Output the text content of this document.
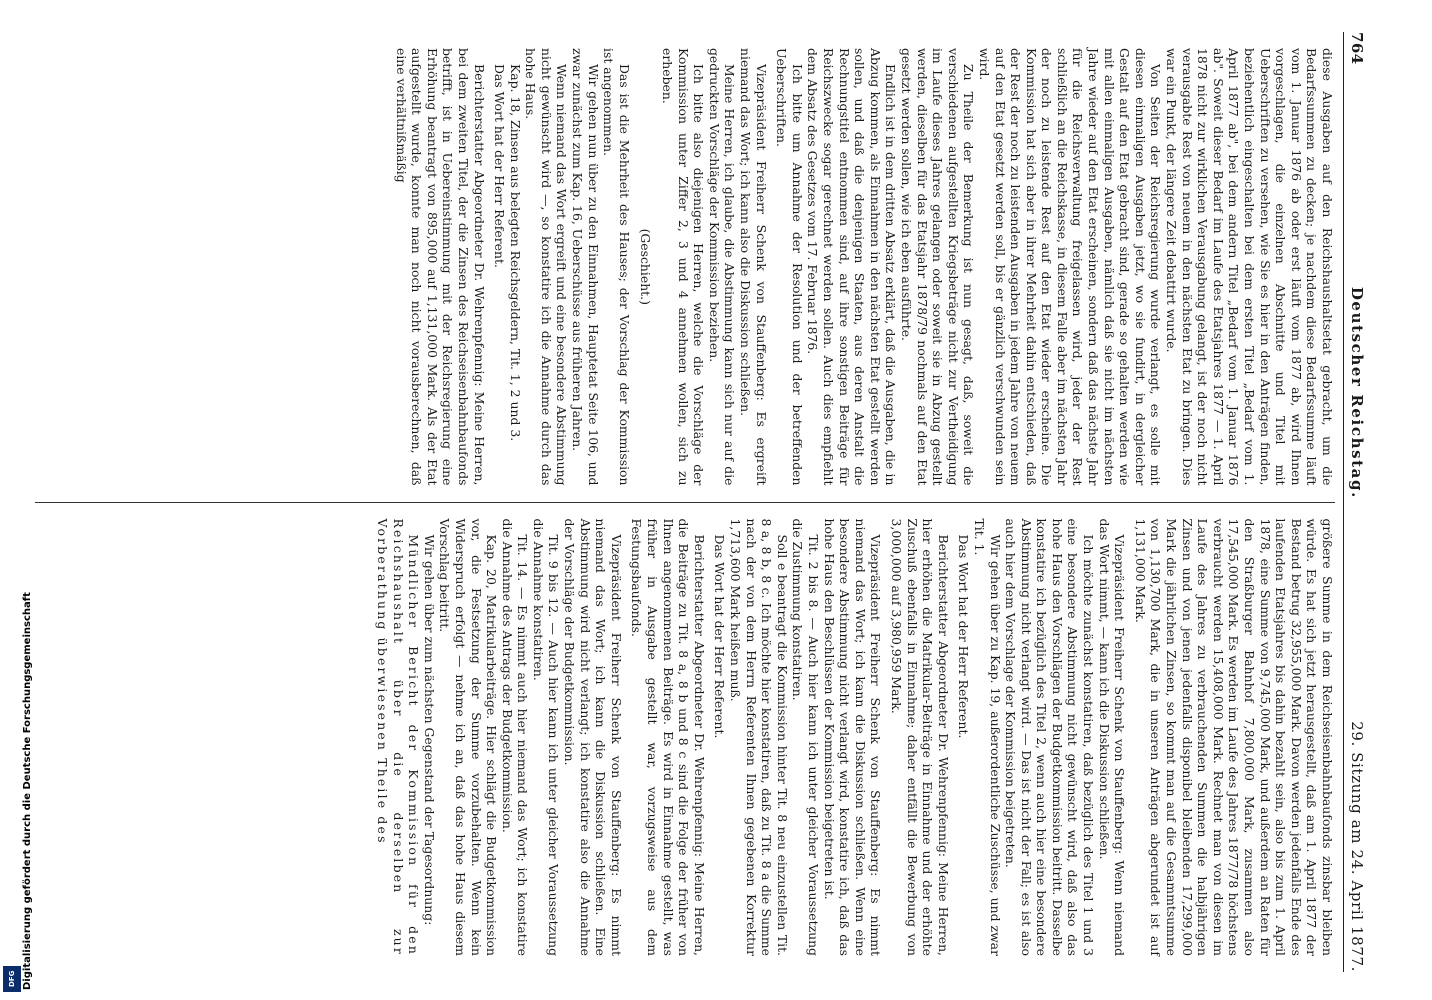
764
Deutscher Reichstag.
29. Sitzung am 24. April 1877.

diese Ausgaben auf den Reichshaushaltsetat gebracht, um die Bedarfssummen zu decken; je nachdem diese Bedarfssumme läuft vom 1. Januar 1876 ab oder erst läuft vom 1877 ab, wird Ihnen vorgeschlagen, die einzelnen Abschnitte und Titel mit Ueberschriften zu versehen, wie Sie es hier in den Anträgen finden, beziehentlich eingeschalten bei dem ersten Titel „Bedarf vom 1. April 1877 ab", bei dem andern Titel „Bedarf vom 1. Januar 1876 ab". Soweit dieser Bedarf im Laufe des Etatsjahres 1877 — 1. April 1878 nicht zur wirklichen Verausgabung gelangt, ist der noch nicht verausgabte Rest von neuem in den nächsten Etat zu bringen. Dies war ein Punkt, der längere Zeit debattirt wurde.

Von Seiten der Reichsregierung wurde verlangt, es solle mit diesen einmaligen Ausgaben jetzt, wo sie fundirt, in dergleicher Gestalt auf den Etat gebracht sind, gerade so gehalten werden wie mit allen einmaligen Ausgaben, nämlich daß sie nicht im nächsten Jahre wieder auf den Etat erscheinen, sondern daß das nächste Jahr für die Reichsverwaltung freigelassen wird, jeder der Rest schließlich an die Reichskasse, in diesem Falle aber im nächsten Jahr der noch zu leistende Rest auf den Etat wieder erscheine. Die Kommission hat sich aber in ihrer Mehrheit dahin entschieden, daß der Rest der noch zu leistenden Ausgaben in jedem Jahre von neuem auf den Etat gesetzt werden soll, bis er gänzlich verschwunden sein wird.

Zu Theile der Bemerkung ist nun gesagt, daß, soweit die verschiedenen aufgestellten Kriegsbeträge nicht zur Vertheidigung im Laufe dieses Jahres gelangen oder soweit sie in Abzug gestellt werden, dieselben für das Etatsjahr 1878/79 nochmals auf den Etat gesetzt werden sollen, wie ich eben ausführte.

Endlich ist in dem dritten Absatz erklärt, daß die Ausgaben, die in Abzug kommen, als Einnahmen in den nächsten Etat gestellt werden sollen, und daß die denjenigen Staaten, aus deren Anstalt die Rechnungstitel entnommen sind, auf ihre sonstigen Beiträge für Reichszwecke sogar gerechnet werden sollen. Auch dies empfiehlt dem Absatz des Gesetzes vom 17. Februar 1876.

Ich bitte um Annahme der Resolution und der betreffenden Ueberschriften.

Vizepräsident Freiherr Schenk von Stauffenberg: Es ergreift niemand das Wort; ich kann also die Diskussion schließen.

Meine Herren, ich glaube, die Abstimmung kann sich nur auf die gedruckten Vorschläge der Kommission beziehen.

Ich bitte also diejenigen Herren, welche die Vorschläge der Kommission unter Ziffer 2, 3 und 4 annehmen wollen, sich zu erheben.

(Geschieht.)

Das ist die Mehrheit des Hauses; der Vorschlag der Kommission ist angenommen.

Wir gehen nun über zu den Einnahmen, Hauptetat Seite 106, und zwar zunächst zum Kap. 16, Ueberschüsse aus früheren Jahren.

Wenn niemand das Wort ergreift und eine besondere Abstimmung nicht gewünscht wird —, so konstatire ich die Annahme durch das hohe Haus.

Kap. 18, Zinsen aus belegten Reichsgeldern, Tit. 1, 2 und 3.

Das Wort hat der Herr Referent.

Berichterstatter Abgeordneter Dr. Wehrenpfennig: Meine Herren, bei dem zweiten Titel, der die Zinsen des Reichseisenbahnbaufonds betrifft, ist in Uebereinstimmung mit der Reichsregierung eine Erhöhung beantragt von 895,000 auf 1,131,000 Mark. Als der Etat aufgestellt wurde, konnte man noch nicht vorausberechnen, daß eine verhältnißmäßig

größere Summe in dem Reichseisenbahnbaufonds zinsbar bleiben würde. Es hat sich jetzt herausgestellt, daß am 1. April 1877 der Bestand betrug 32,955,000 Mark. Davon werden jedenfalls Ende des laufenden Etatsjahres bis dahin bezahlt sein, also bis zum 1. April 1878, eine Summe von 9,745,000 Mark, und außerdem an Raten für den Straßburger Bahnhof 7,800,000 Mark, zusammen also 17,545,000 Mark. Es werden im Laufe des Jahres 1877/78 höchstens verbraucht werden 15,408,000 Mark. Rechnet man von diesen im Laufe des Jahres zu verbrauchenden Summen die halbjährigen Zinsen und von jenen jedenfalls disponibel bleibenden 17,299,000 Mark die jährlichen Zinsen, so kommt man auf die Gesammtsumme von 1,130,700 Mark, die in unseren Anträgen abgerundet ist auf 1,131,000 Mark.

Vizepräsident Freiherr Schenk von Stauffenberg: Wenn niemand das Wort nimmt, — kann ich die Diskussion schließen.

Ich möchte zunächst konstatiren, daß bezüglich des Titel 1 und 3 eine besondere Abstimmung nicht gewünscht wird, daß also das hohe Haus den Vorschlägen der Budgetkommission beitritt. Dasselbe konstatire ich bezüglich des Titel 2, wenn auch hier eine besondere Abstimmung nicht verlangt wird. — Das ist nicht der Fall; es ist also auch hier dem Vorschlage der Kommission beigetreten.

Wir gehen über zu Kap. 19, außerordentliche Zuschüsse, und zwar Tit. 1.

Das Wort hat der Herr Referent.

Berichterstatter Abgeordneter Dr. Wehrenpfennig: Meine Herren, hier erhöhen die Matrikular-Beiträge in Einnahme und der erhöhte Zuschuß ebenfalls in Einnahme; daher entfällt die Bewerbung von 3,000,000 auf 3,980,959 Mark.

Vizepräsident Freiherr Schenk von Stauffenberg: Es nimmt niemand das Wort; ich kann die Diskussion schließen. Wenn eine besondere Abstimmung nicht verlangt wird, konstatire ich, daß das hohe Haus den Beschlüssen der Kommission beigetreten ist.

Tit. 2 bis 8. — Auch hier kann ich unter gleicher Voraussetzung die Zustimmung konstatiren.

Soll e beantragt die Kommission hinter Tit. 8 neu einzustellen Tit. 8 a, 8 b, 8 c. Ich möchte hier konstatiren, daß zu Tit. 8 a die Summe nach der von dem Herrn Referenten Ihnen gegebenen Korrektur 1,713,600 Mark heißen muß.

Das Wort hat der Herr Referent.

Berichterstatter Abgeordneter Dr. Wehrenpfennig: Meine Herren, die Beiträge zu Tit. 8 a, 8 b und 8 c sind die Folge der früher von Ihnen angenommenen Beiträge. Es wird in Einnahme gestellt, was früher in Ausgabe gestellt war, vorzugsweise aus dem Festungsbaufonds.

Vizepräsident Freiherr Schenk von Stauffenberg: Es nimmt niemand das Wort; ich kann die Diskussion schließen. Eine Abstimmung wird nicht verlangt; ich konstatire also die Annahme der Vorschläge der Budgetkommission.

Tit. 9 bis 12. — Auch hier kann ich unter gleicher Voraussetzung die Annahme konstatiren.

Tit. 14. — Es nimmt auch hier niemand das Wort; ich konstatire die Annahme des Antrags der Budgetkommission.

Kap. 20, Matrikularbeiträge. Hier schlägt die Budgetkommission vor, die Festsetzung der Summe vorzubehalten. Wenn kein Widerspruch erfolgt — nehme ich an, daß das hohe Haus diesem Vorschlag beitritt.

Wir gehen über zum nächsten Gegenstand der Tagesordnung:

Mündlicher Bericht der Kommission für den Reichshaushalt über die derselben zur Vorberathung überwiesenen Theile des

DFG Digitalisierung gefördert durch die Deutsche Forschungsgemeinschaft
